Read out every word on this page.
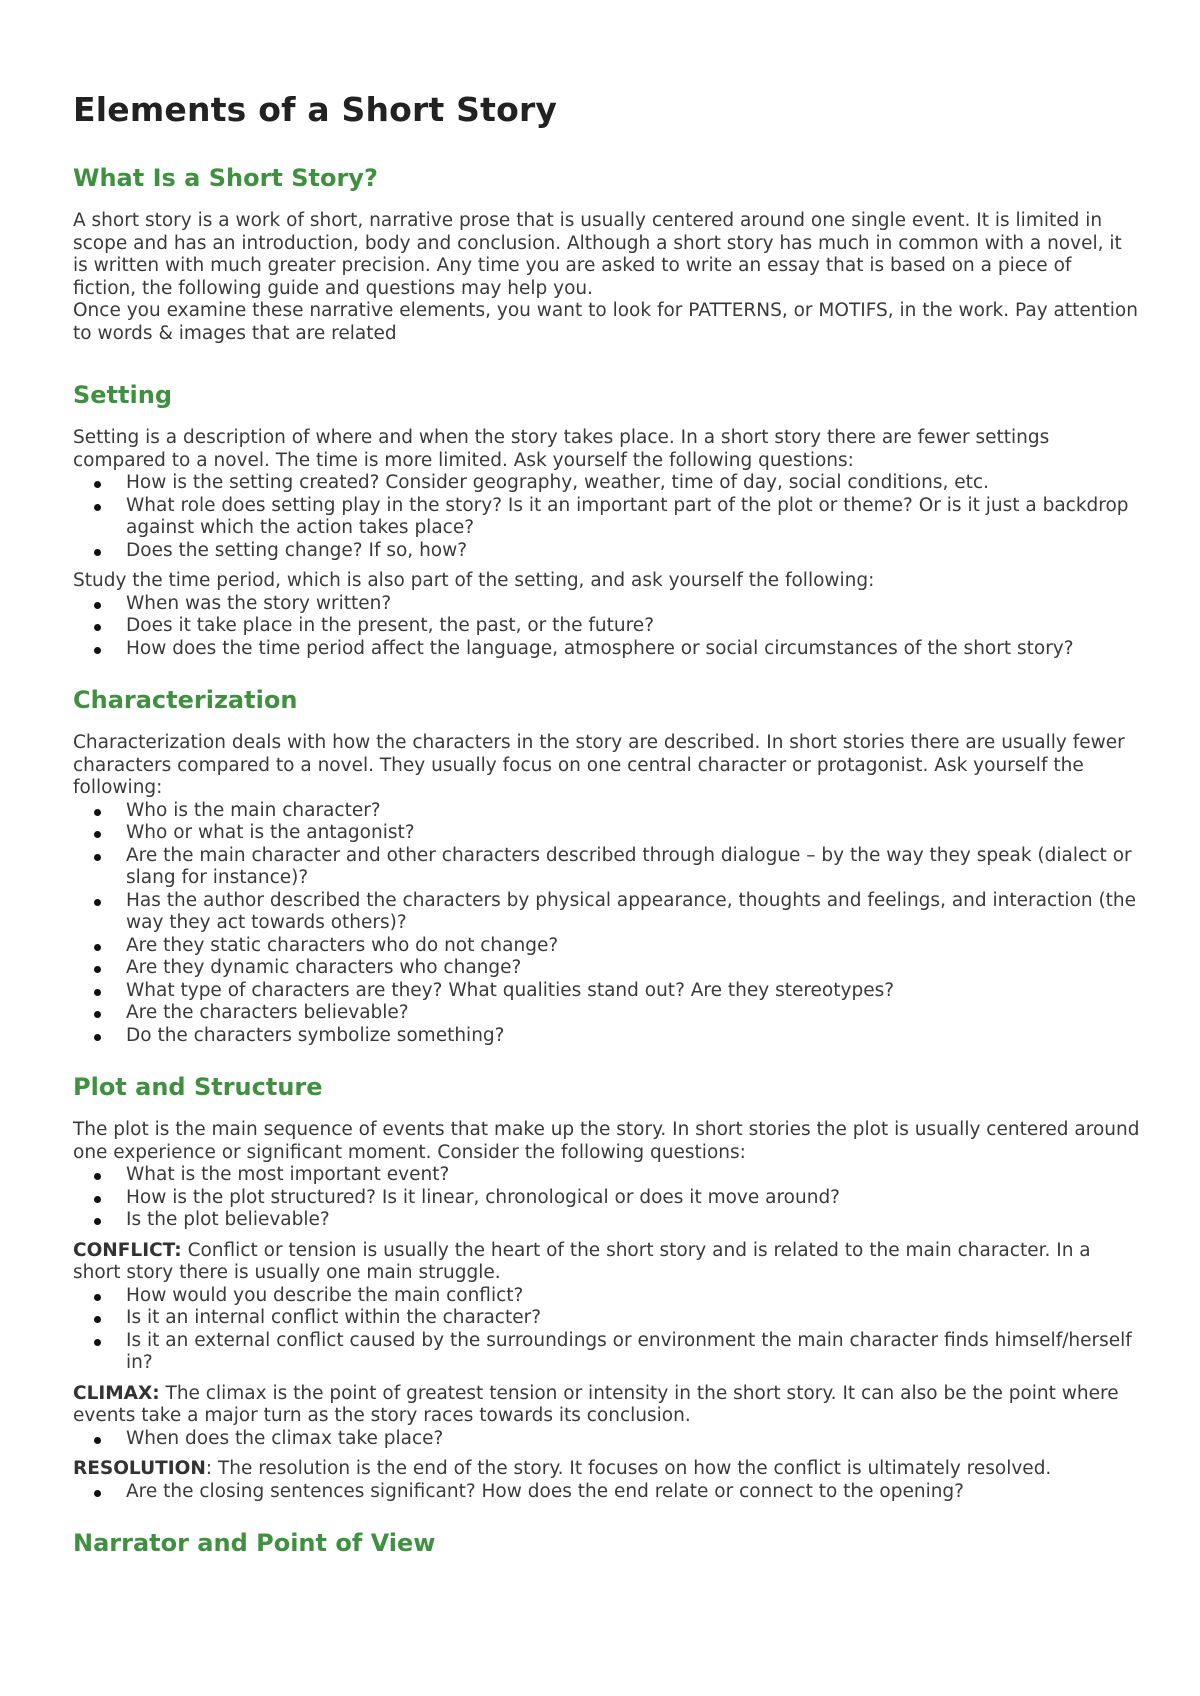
Elements of a Short Story
What Is a Short Story?

A short story is a work of short, narrative prose that is usually centered around one single event. It is limited in scope and has an introduction, body and conclusion. Although a short story has much in common with a novel, it is written with much greater precision. Any time you are asked to write an essay that is based on a piece of fiction, the following guide and questions may help you.

Once you examine these narrative elements, you want to look for PATTERNS, or MOTIFS, in the work. Pay attention to words & images that are related

Setting

Setting is a description of where and when the story takes place. In a short story there are fewer settings compared to a novel. The time is more limited. Ask yourself the following questions:

How is the setting created? Consider geography, weather, time of day, social conditions, etc.
What role does setting play in the story? Is it an important part of the plot or theme? Or is it just a backdrop against which the action takes place?
Does the setting change? If so, how?

Study the time period, which is also part of the setting, and ask yourself the following:

When was the story written?
Does it take place in the present, the past, or the future?
How does the time period affect the language, atmosphere or social circumstances of the short story?
Characterization

Characterization deals with how the characters in the story are described. In short stories there are usually fewer characters compared to a novel. They usually focus on one central character or protagonist. Ask yourself the following:

Who is the main character?
Who or what is the antagonist?
Are the main character and other characters described through dialogue – by the way they speak (dialect or slang for instance)?
Has the author described the characters by physical appearance, thoughts and feelings, and interaction (the way they act towards others)?
Are they static characters who do not change?
Are they dynamic characters who change?
What type of characters are they? What qualities stand out? Are they stereotypes?
Are the characters believable?
Do the characters symbolize something?
Plot and Structure

The plot is the main sequence of events that make up the story. In short stories the plot is usually centered around one experience or significant moment. Consider the following questions:

What is the most important event?
How is the plot structured? Is it linear, chronological or does it move around?
Is the plot believable?

CONFLICT: Conflict or tension is usually the heart of the short story and is related to the main character. In a short story there is usually one main struggle.

How would you describe the main conflict?
Is it an internal conflict within the character?
Is it an external conflict caused by the surroundings or environment the main character finds himself/herself in?

CLIMAX: The climax is the point of greatest tension or intensity in the short story. It can also be the point where events take a major turn as the story races towards its conclusion.

When does the climax take place?

RESOLUTION: The resolution is the end of the story. It focuses on how the conflict is ultimately resolved.

Are the closing sentences significant? How does the end relate or connect to the opening?
Narrator and Point of View
